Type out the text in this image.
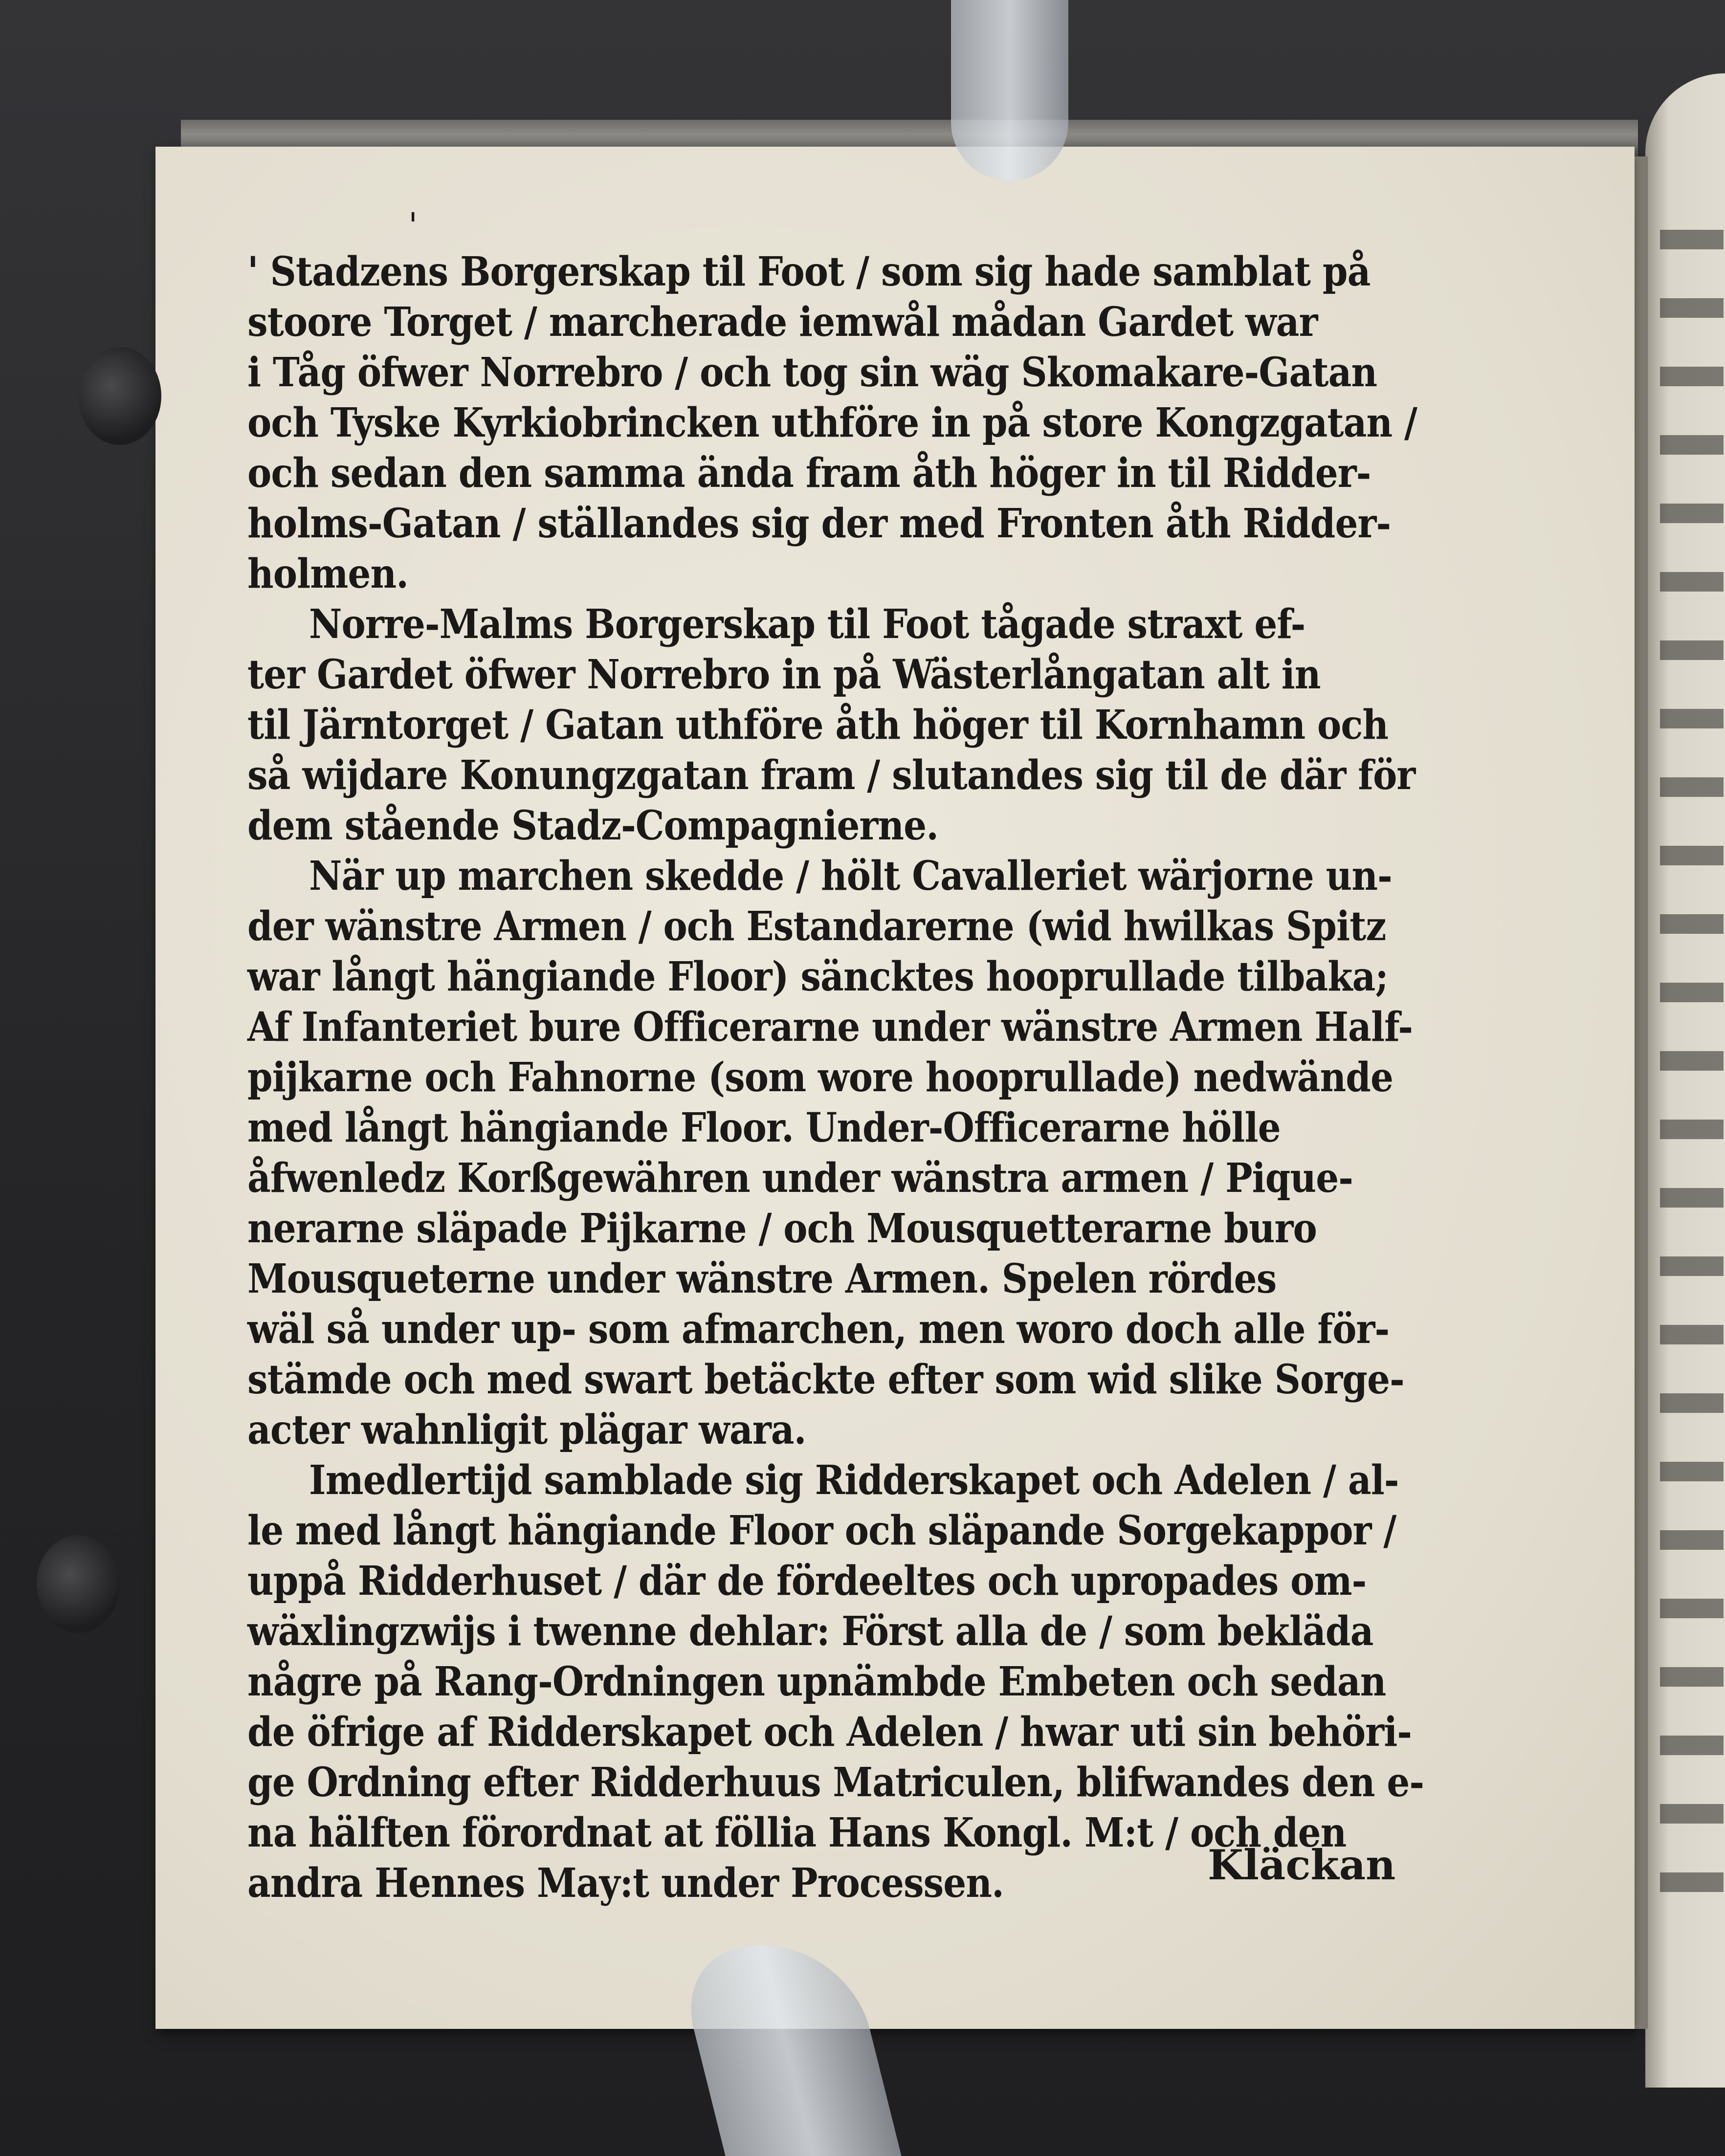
' Stadzens Borgerskap til Foot / som sig hade samblat på
stoore Torget / marcherade iemwål mådan Gardet war
i Tåg öfwer Norrebro / och tog sin wäg Skomakare-Gatan
och Tyske Kyrkiobrincken uthföre in på store Kongzgatan /
och sedan den samma ända fram åth höger in til Ridder-
holms-Gatan / ställandes sig der med Fronten åth Ridder-
holmen.
Norre-Malms Borgerskap til Foot tågade straxt ef-
ter Gardet öfwer Norrebro in på Wästerlångatan alt in
til Järntorget / Gatan uthföre åth höger til Kornhamn och
så wijdare Konungzgatan fram / slutandes sig til de där för
dem stående Stadz-Compagnierne.
När up marchen skedde / hölt Cavalleriet wärjorne un-
der wänstre Armen / och Estandarerne (wid hwilkas Spitz
war långt hängiande Floor) säncktes hooprullade tilbaka;
Af Infanteriet bure Officerarne under wänstre Armen Half-
pijkarne och Fahnorne (som wore hooprullade) nedwände
med långt hängiande Floor. Under-Officerarne hölle
åfwenledz Korßgewähren under wänstra armen / Pique-
nerarne släpade Pijkarne / och Mousquetterarne buro
Mousqueterne under wänstre Armen. Spelen rördes
wäl så under up- som afmarchen, men woro doch alle för-
stämde och med swart betäckte efter som wid slike Sorge-
acter wahnligit plägar wara.
Imedlertijd samblade sig Ridderskapet och Adelen / al-
le med långt hängiande Floor och släpande Sorgekappor /
uppå Ridderhuset / där de fördeeltes och upropades om-
wäxlingzwijs i twenne dehlar: Först alla de / som bekläda
någre på Rang-Ordningen upnämbde Embeten och sedan
de öfrige af Ridderskapet och Adelen / hwar uti sin behöri-
ge Ordning efter Ridderhuus Matriculen, blifwandes den e-
na hälften förordnat at föllia Hans Kongl. M:t / och den
andra Hennes May:t under Processen.	Kläckan
'
